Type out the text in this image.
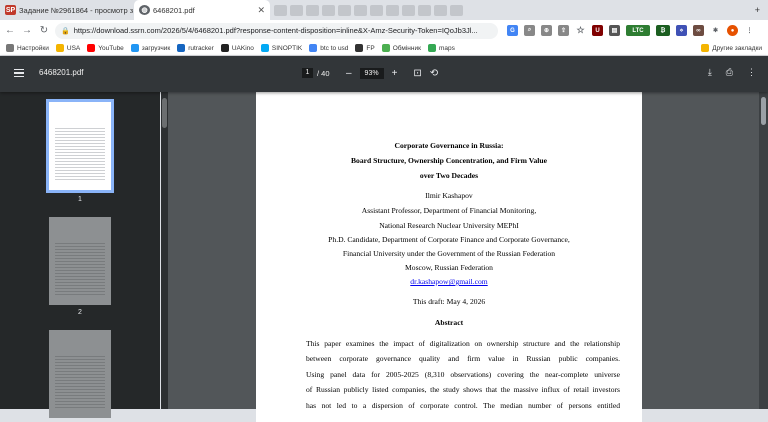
SP Задание №2961864 - просмотр з	◍ 6468201.pdf	✕	+
← → ↻ 🔒 https://download.ssrn.com/2026/5/4/6468201.pdf?response-content-disposition=inline&X-Amz-Security-Token=IQoJb3Jl...	G	⌕	⊕	⇪	☆	U	▤	LTC	₿	⋄	∞	✱	●	⋮
Настройки	USA	YouTube	загрузчик	rutracker	UAKino	SINOPTIK	btc to usd	FP	Обмінник	maps	Другие закладки
6468201.pdf	1	/ 40 –	93%	+ ⊡ ⟲	⤓ ⎙ ⋮
1
2
Corporate Governance in Russia:
Board Structure, Ownership Concentration, and Firm Value
over Two Decades
Ilmir Kashapov
Assistant Professor, Department of Financial Monitoring,
National Research Nuclear University MEPhI
Ph.D. Candidate, Department of Corporate Finance and Corporate Governance,
Financial University under the Government of the Russian Federation
Moscow, Russian Federation
dr.kashapow@gmail.com
This draft: May 4, 2026
Abstract
This paper examines the impact of digitalization on ownership structure and the relationship
between corporate governance quality and firm value in Russian public companies.
Using panel data for 2005-2025 (8,310 observations) covering the near-complete universe
of Russian publicly listed companies, the study shows that the massive influx of retail investors
has not led to a dispersion of corporate control. The median number of persons entitled
